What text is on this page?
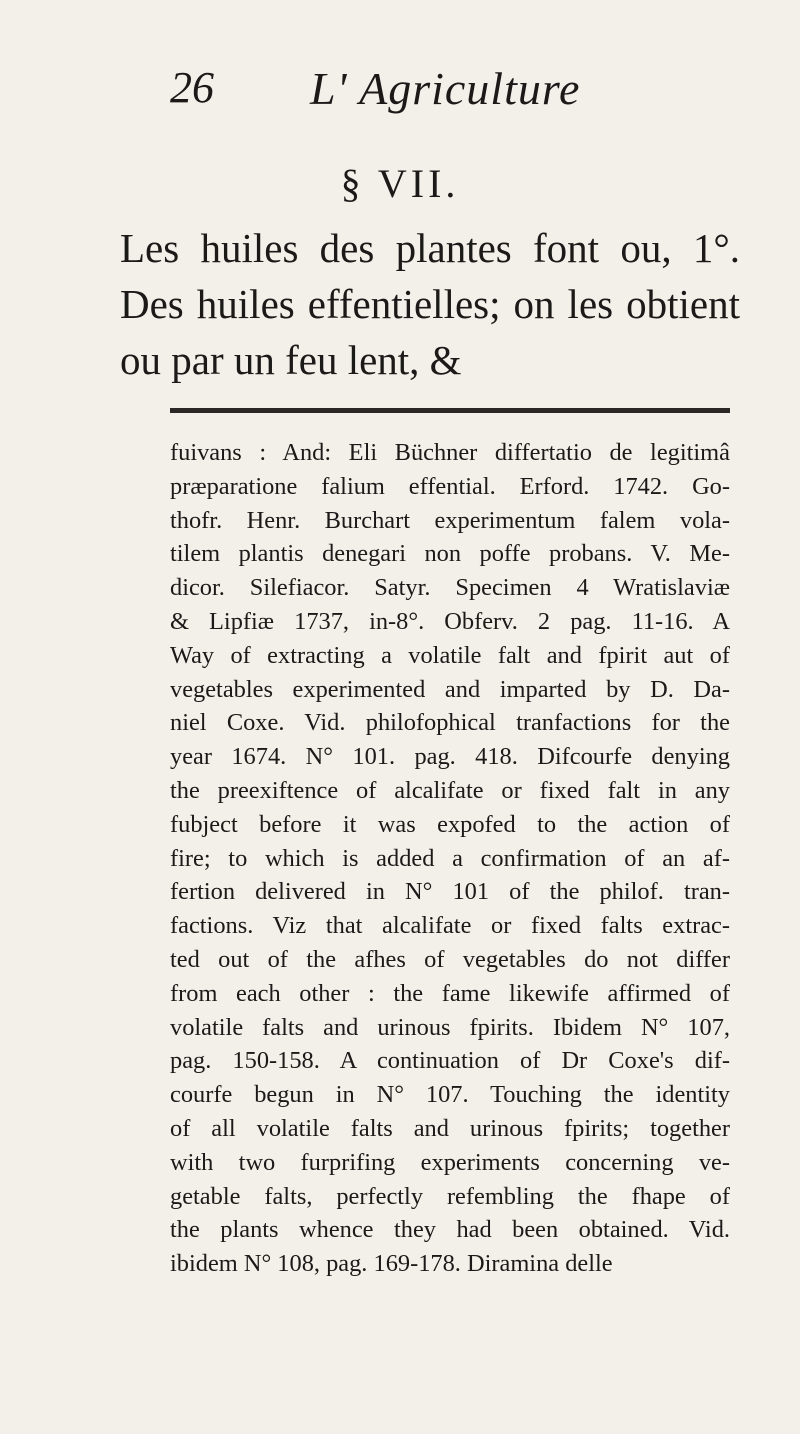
26 L' Agriculture
§ VII.
Les huiles des plantes font ou, 1°. Des huiles effentielles; on les obtient ou par un feu lent, &
fuivans : And: Eli Büchner differtatio de legitimâ
præparatione falium effential. Erford. 1742. Go-
thofr. Henr. Burchart experimentum falem vola-
tilem plantis denegari non poffe probans. V. Me-
dicor. Silefiacor. Satyr. Specimen 4 Wratislaviæ
& Lipfiæ 1737, in-8°. Obferv. 2 pag. 11-16. A
Way of extracting a volatile falt and fpirit aut of
vegetables experimented and imparted by D. Da-
niel Coxe. Vid. philofophical tranfactions for the
year 1674. N° 101. pag. 418. Difcourfe denying
the preexiftence of alcalifate or fixed falt in any
fubject before it was expofed to the action of
fire; to which is added a confirmation of an af-
fertion delivered in N° 101 of the philof. tran-
factions. Viz that alcalifate or fixed falts extrac-
ted out of the afhes of vegetables do not differ
from each other : the fame likewife affirmed of
volatile falts and urinous fpirits. Ibidem N° 107,
pag. 150-158. A continuation of Dr Coxe's dif-
courfe begun in N° 107. Touching the identity
of all volatile falts and urinous fpirits; together
with two furprifing experiments concerning ve-
getable falts, perfectly refembling the fhape of
the plants whence they had been obtained. Vid.
ibidem N° 108, pag. 169-178. Diramina delle
